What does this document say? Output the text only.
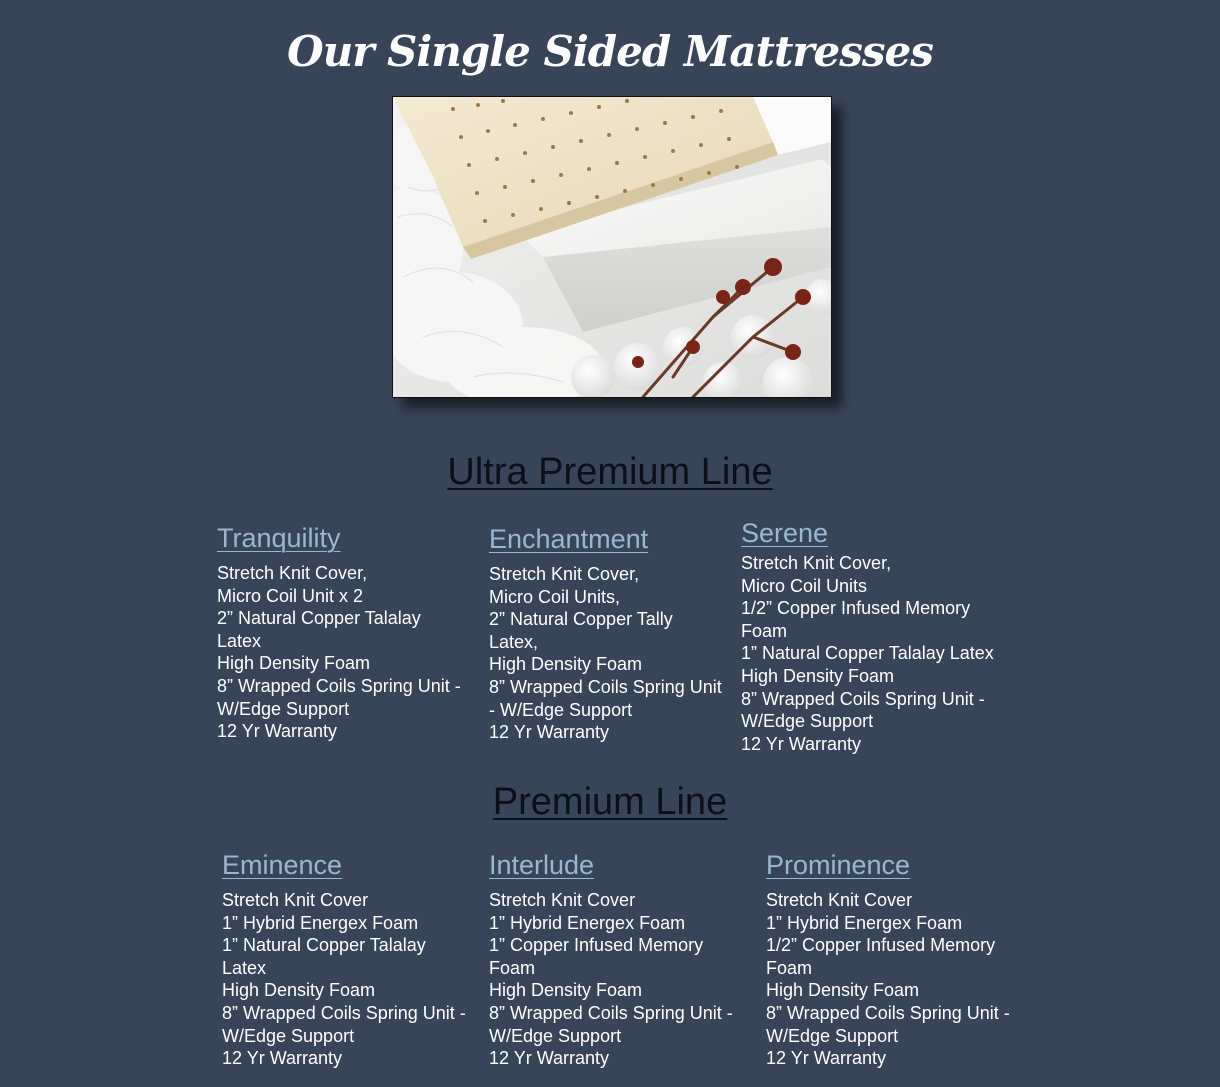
Our Single Sided Mattresses
Ultra Premium Line
Tranquility
Stretch Knit Cover,
Micro Coil Unit x 2
2” Natural Copper Talalay
Latex
High Density Foam
8” Wrapped Coils Spring Unit -
W/Edge Support
12 Yr Warranty
Enchantment
Stretch Knit Cover,
Micro Coil Units,
2” Natural Copper Tally
Latex,
High Density Foam
8” Wrapped Coils Spring Unit
- W/Edge Support
12 Yr Warranty
Serene
Stretch Knit Cover,
Micro Coil Units
1/2” Copper Infused Memory
Foam
1” Natural Copper Talalay Latex
High Density Foam
8” Wrapped Coils Spring Unit -
W/Edge Support
12 Yr Warranty
Premium Line
Eminence
Stretch Knit Cover
1” Hybrid Energex Foam
1” Natural Copper Talalay
Latex
High Density Foam
8” Wrapped Coils Spring Unit -
W/Edge Support
12 Yr Warranty
Interlude
Stretch Knit Cover
1” Hybrid Energex Foam
1” Copper Infused Memory
Foam
High Density Foam
8” Wrapped Coils Spring Unit -
W/Edge Support
12 Yr Warranty
Prominence
Stretch Knit Cover
1” Hybrid Energex Foam
1/2” Copper Infused Memory
Foam
High Density Foam
8” Wrapped Coils Spring Unit -
W/Edge Support
12 Yr Warranty
